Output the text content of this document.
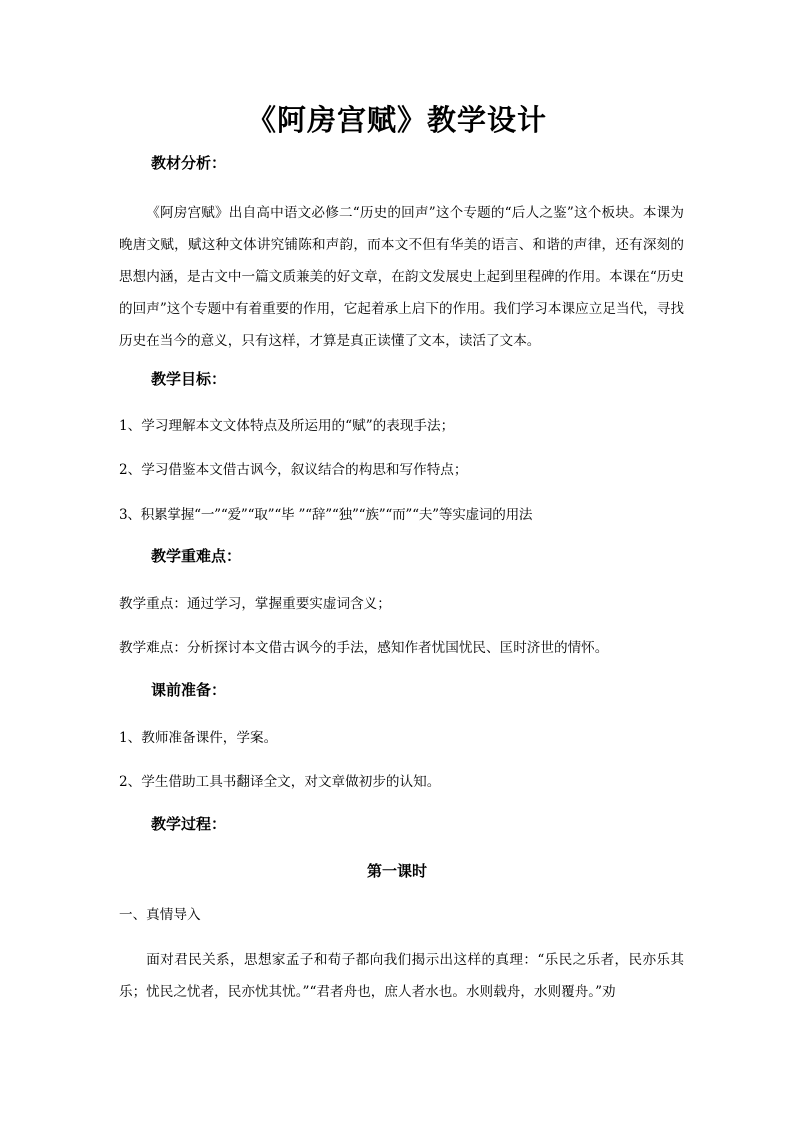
《阿房宫赋》教学设计
教材分析：

《阿房宫赋》出自高中语文必修二“历史的回声”这个专题的“后人之鉴”这个板块。本课为晚唐文赋，赋这种文体讲究铺陈和声韵，而本文不但有华美的语言、和谐的声律，还有深刻的思想内涵，是古文中一篇文质兼美的好文章，在韵文发展史上起到里程碑的作用。本课在“历史的回声”这个专题中有着重要的作用，它起着承上启下的作用。我们学习本课应立足当代，寻找历史在当今的意义，只有这样，才算是真正读懂了文本，读活了文本。

教学目标：

1、学习理解本文文体特点及所运用的“赋”的表现手法；

2、学习借鉴本文借古讽今，叙议结合的构思和写作特点；

3、积累掌握“一”“爱”“取”“毕 ”“辞”“独”“族”“而”“夫”等实虚词的用法

教学重难点：

教学重点：通过学习，掌握重要实虚词含义；

教学难点：分析探讨本文借古讽今的手法，感知作者忧国忧民、匡时济世的情怀。

课前准备：

1、教师准备课件，学案。

2、学生借助工具书翻译全文，对文章做初步的认知。

教学过程：
第一课时

一、真情导入

面对君民关系，思想家孟子和荀子都向我们揭示出这样的真理：“乐民之乐者，民亦乐其乐；忧民之忧者，民亦忧其忧。”“君者舟也，庶人者水也。水则载舟，水则覆舟。”劝
